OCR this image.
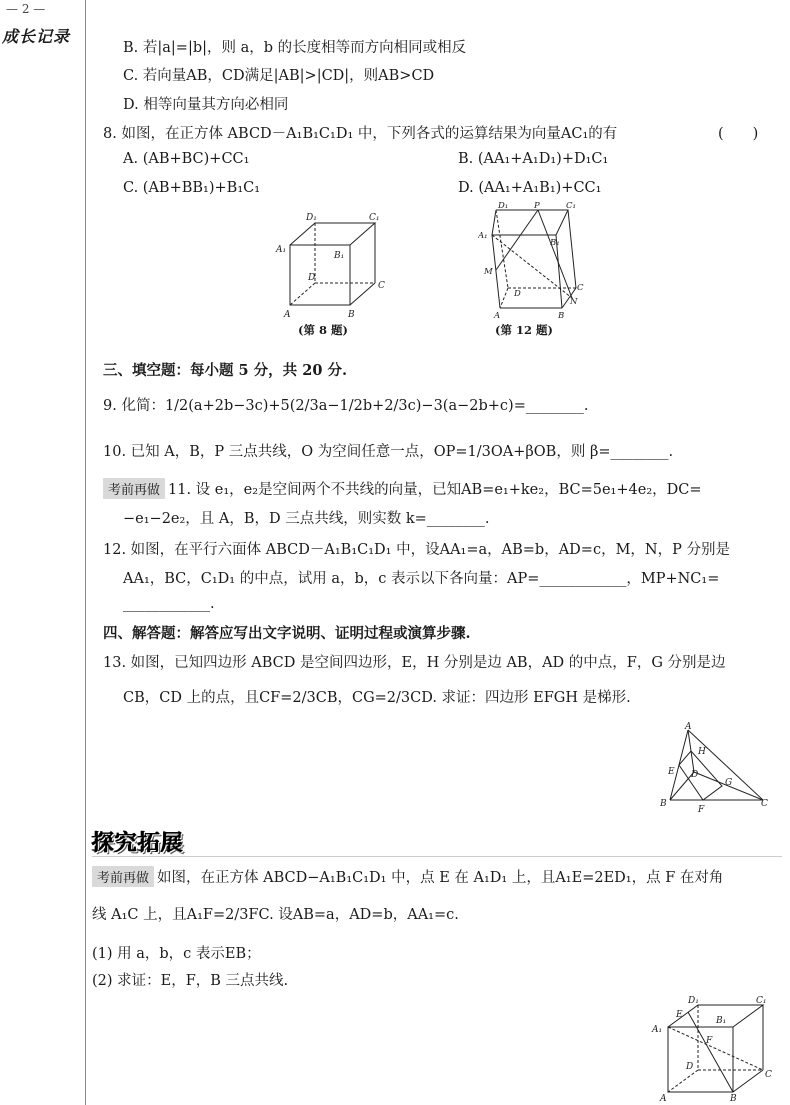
— 2 —
成长记录
B. 若|a|=|b|，则 a，b 的长度相等而方向相同或相反
C. 若向量AB，CD满足|AB|>|CD|，则AB>CD
D. 相等向量其方向必相同
8. 如图，在正方体 ABCD－A₁B₁C₁D₁ 中，下列各式的运算结果为向量AC₁的有	(　　)
A. (AB+BC)+CC₁	B. (AA₁+A₁D₁)+D₁C₁
C. (AB+BB₁)+B₁C₁	D. (AA₁+A₁B₁)+CC₁
D₁	C₁
A₁
B₁
D
C
A	B
(第 8 题)
D₁	P	C₁
A₁
B₁
M
D
C
N
A	B
(第 12 题)
三、填空题：每小题 5 分，共 20 分.
9. 化简：1/2(a+2b−3c)+5(2/3a−1/2b+2/3c)−3(a−2b+c)=________.
10. 已知 A，B，P 三点共线，O 为空间任意一点，OP=1/3OA+βOB，则 β=________.
考前再做 11. 设 e₁，e₂是空间两个不共线的向量，已知AB=e₁+ke₂，BC=5e₁+4e₂，DC=
−e₁−2e₂，且 A，B，D 三点共线，则实数 k=________.
12. 如图，在平行六面体 ABCD－A₁B₁C₁D₁ 中，设AA₁=a，AB=b，AD=c，M，N，P 分别是
AA₁，BC，C₁D₁ 的中点，试用 a，b，c 表示以下各向量：AP=____________，MP+NC₁=
____________.
四、解答题：解答应写出文字说明、证明过程或演算步骤.
13. 如图，已知四边形 ABCD 是空间四边形，E，H 分别是边 AB，AD 的中点，F，G 分别是边
CB，CD 上的点，且CF=2/3CB，CG=2/3CD. 求证：四边形 EFGH 是梯形.
A
H
E D
G
B
F
C
探究拓展
考前再做 如图，在正方体 ABCD−A₁B₁C₁D₁ 中，点 E 在 A₁D₁ 上，且A₁E=2ED₁，点 F 在对角
线 A₁C 上，且A₁F=2/3FC. 设AB=a，AD=b，AA₁=c.
(1) 用 a，b，c 表示EB；
(2) 求证：E，F，B 三点共线.
D₁	C₁
A₁
E
B₁
F
D
C
A	B
